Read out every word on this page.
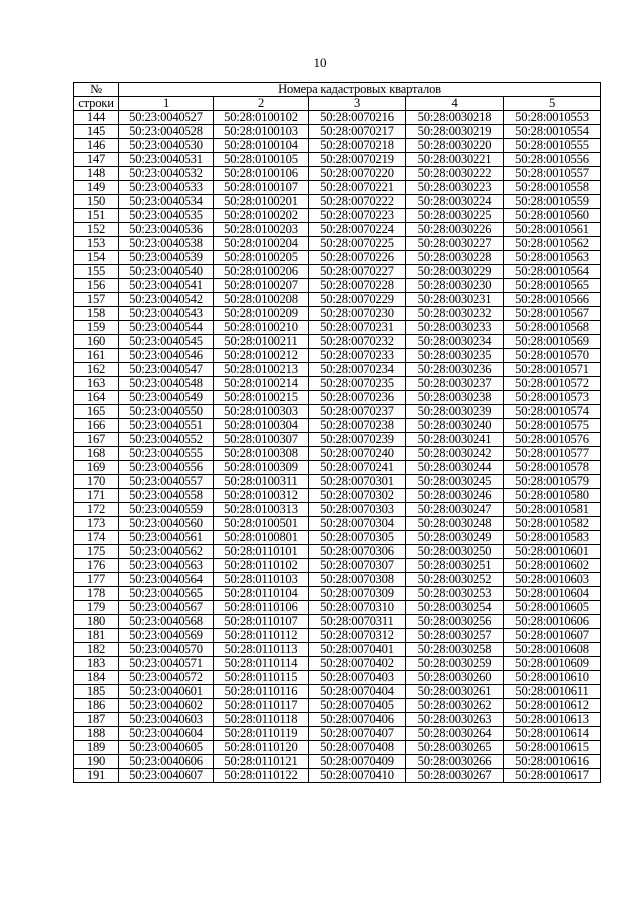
10
№	Номера кадастровых кварталов				
строки	1	2	3	4	5
144	50:23:0040527	50:28:0100102	50:28:0070216	50:28:0030218	50:28:0010553
145	50:23:0040528	50:28:0100103	50:28:0070217	50:28:0030219	50:28:0010554
146	50:23:0040530	50:28:0100104	50:28:0070218	50:28:0030220	50:28:0010555
147	50:23:0040531	50:28:0100105	50:28:0070219	50:28:0030221	50:28:0010556
148	50:23:0040532	50:28:0100106	50:28:0070220	50:28:0030222	50:28:0010557
149	50:23:0040533	50:28:0100107	50:28:0070221	50:28:0030223	50:28:0010558
150	50:23:0040534	50:28:0100201	50:28:0070222	50:28:0030224	50:28:0010559
151	50:23:0040535	50:28:0100202	50:28:0070223	50:28:0030225	50:28:0010560
152	50:23:0040536	50:28:0100203	50:28:0070224	50:28:0030226	50:28:0010561
153	50:23:0040538	50:28:0100204	50:28:0070225	50:28:0030227	50:28:0010562
154	50:23:0040539	50:28:0100205	50:28:0070226	50:28:0030228	50:28:0010563
155	50:23:0040540	50:28:0100206	50:28:0070227	50:28:0030229	50:28:0010564
156	50:23:0040541	50:28:0100207	50:28:0070228	50:28:0030230	50:28:0010565
157	50:23:0040542	50:28:0100208	50:28:0070229	50:28:0030231	50:28:0010566
158	50:23:0040543	50:28:0100209	50:28:0070230	50:28:0030232	50:28:0010567
159	50:23:0040544	50:28:0100210	50:28:0070231	50:28:0030233	50:28:0010568
160	50:23:0040545	50:28:0100211	50:28:0070232	50:28:0030234	50:28:0010569
161	50:23:0040546	50:28:0100212	50:28:0070233	50:28:0030235	50:28:0010570
162	50:23:0040547	50:28:0100213	50:28:0070234	50:28:0030236	50:28:0010571
163	50:23:0040548	50:28:0100214	50:28:0070235	50:28:0030237	50:28:0010572
164	50:23:0040549	50:28:0100215	50:28:0070236	50:28:0030238	50:28:0010573
165	50:23:0040550	50:28:0100303	50:28:0070237	50:28:0030239	50:28:0010574
166	50:23:0040551	50:28:0100304	50:28:0070238	50:28:0030240	50:28:0010575
167	50:23:0040552	50:28:0100307	50:28:0070239	50:28:0030241	50:28:0010576
168	50:23:0040555	50:28:0100308	50:28:0070240	50:28:0030242	50:28:0010577
169	50:23:0040556	50:28:0100309	50:28:0070241	50:28:0030244	50:28:0010578
170	50:23:0040557	50:28:0100311	50:28:0070301	50:28:0030245	50:28:0010579
171	50:23:0040558	50:28:0100312	50:28:0070302	50:28:0030246	50:28:0010580
172	50:23:0040559	50:28:0100313	50:28:0070303	50:28:0030247	50:28:0010581
173	50:23:0040560	50:28:0100501	50:28:0070304	50:28:0030248	50:28:0010582
174	50:23:0040561	50:28:0100801	50:28:0070305	50:28:0030249	50:28:0010583
175	50:23:0040562	50:28:0110101	50:28:0070306	50:28:0030250	50:28:0010601
176	50:23:0040563	50:28:0110102	50:28:0070307	50:28:0030251	50:28:0010602
177	50:23:0040564	50:28:0110103	50:28:0070308	50:28:0030252	50:28:0010603
178	50:23:0040565	50:28:0110104	50:28:0070309	50:28:0030253	50:28:0010604
179	50:23:0040567	50:28:0110106	50:28:0070310	50:28:0030254	50:28:0010605
180	50:23:0040568	50:28:0110107	50:28:0070311	50:28:0030256	50:28:0010606
181	50:23:0040569	50:28:0110112	50:28:0070312	50:28:0030257	50:28:0010607
182	50:23:0040570	50:28:0110113	50:28:0070401	50:28:0030258	50:28:0010608
183	50:23:0040571	50:28:0110114	50:28:0070402	50:28:0030259	50:28:0010609
184	50:23:0040572	50:28:0110115	50:28:0070403	50:28:0030260	50:28:0010610
185	50:23:0040601	50:28:0110116	50:28:0070404	50:28:0030261	50:28:0010611
186	50:23:0040602	50:28:0110117	50:28:0070405	50:28:0030262	50:28:0010612
187	50:23:0040603	50:28:0110118	50:28:0070406	50:28:0030263	50:28:0010613
188	50:23:0040604	50:28:0110119	50:28:0070407	50:28:0030264	50:28:0010614
189	50:23:0040605	50:28:0110120	50:28:0070408	50:28:0030265	50:28:0010615
190	50:23:0040606	50:28:0110121	50:28:0070409	50:28:0030266	50:28:0010616
191	50:23:0040607	50:28:0110122	50:28:0070410	50:28:0030267	50:28:0010617
